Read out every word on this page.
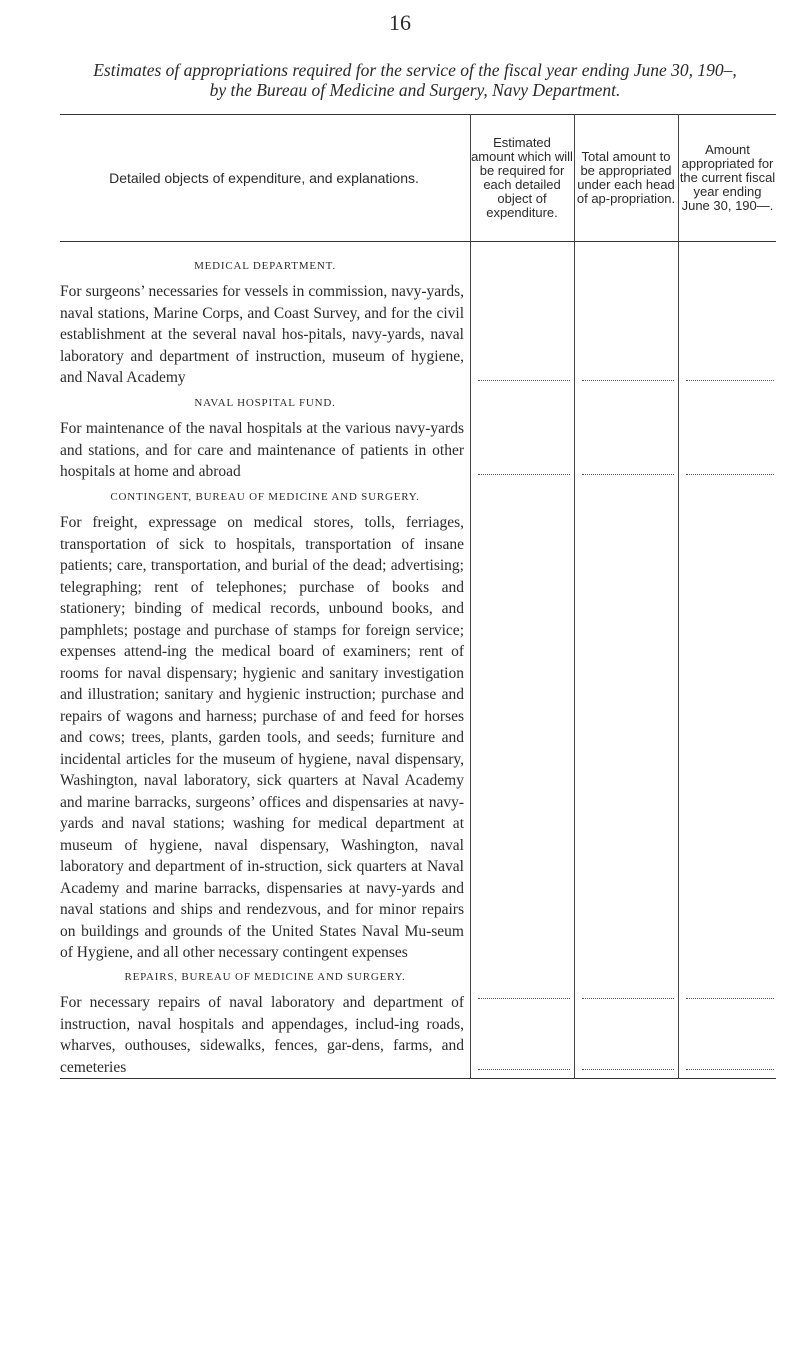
16
Estimates of appropriations required for the service of the fiscal year ending June 30, 190–,
by the Bureau of Medicine and Surgery, Navy Department.
Detailed objects of expenditure, and explanations.
Estimated amount which will be required for each detailed object of expenditure.
Total amount to be appropriated under each head of ap-propriation.
Amount appropriated for the current fiscal year ending June 30, 190—.
MEDICAL DEPARTMENT.
For surgeons’ necessaries for vessels in commission, navy-yards, naval stations, Marine Corps, and Coast Survey, and for the civil establishment at the several naval hos-pitals, navy-yards, naval laboratory and department of instruction, museum of hygiene, and Naval Academy
NAVAL HOSPITAL FUND.
For maintenance of the naval hospitals at the various navy-yards and stations, and for care and maintenance of patients in other hospitals at home and abroad
CONTINGENT, BUREAU OF MEDICINE AND SURGERY.
For freight, expressage on medical stores, tolls, ferriages, transportation of sick to hospitals, transportation of insane patients; care, transportation, and burial of the dead; advertising; telegraphing; rent of telephones; purchase of books and stationery; binding of medical records, unbound books, and pamphlets; postage and purchase of stamps for foreign service; expenses attend-ing the medical board of examiners; rent of rooms for naval dispensary; hygienic and sanitary investigation and illustration; sanitary and hygienic instruction; purchase and repairs of wagons and harness; purchase of and feed for horses and cows; trees, plants, garden tools, and seeds; furniture and incidental articles for the museum of hygiene, naval dispensary, Washington, naval laboratory, sick quarters at Naval Academy and marine barracks, surgeons’ offices and dispensaries at navy-yards and naval stations; washing for medical department at museum of hygiene, naval dispensary, Washington, naval laboratory and department of in-struction, sick quarters at Naval Academy and marine barracks, dispensaries at navy-yards and naval stations and ships and rendezvous, and for minor repairs on buildings and grounds of the United States Naval Mu-seum of Hygiene, and all other necessary contingent expenses
REPAIRS, BUREAU OF MEDICINE AND SURGERY.
For necessary repairs of naval laboratory and department of instruction, naval hospitals and appendages, includ-ing roads, wharves, outhouses, sidewalks, fences, gar-dens, farms, and cemeteries
